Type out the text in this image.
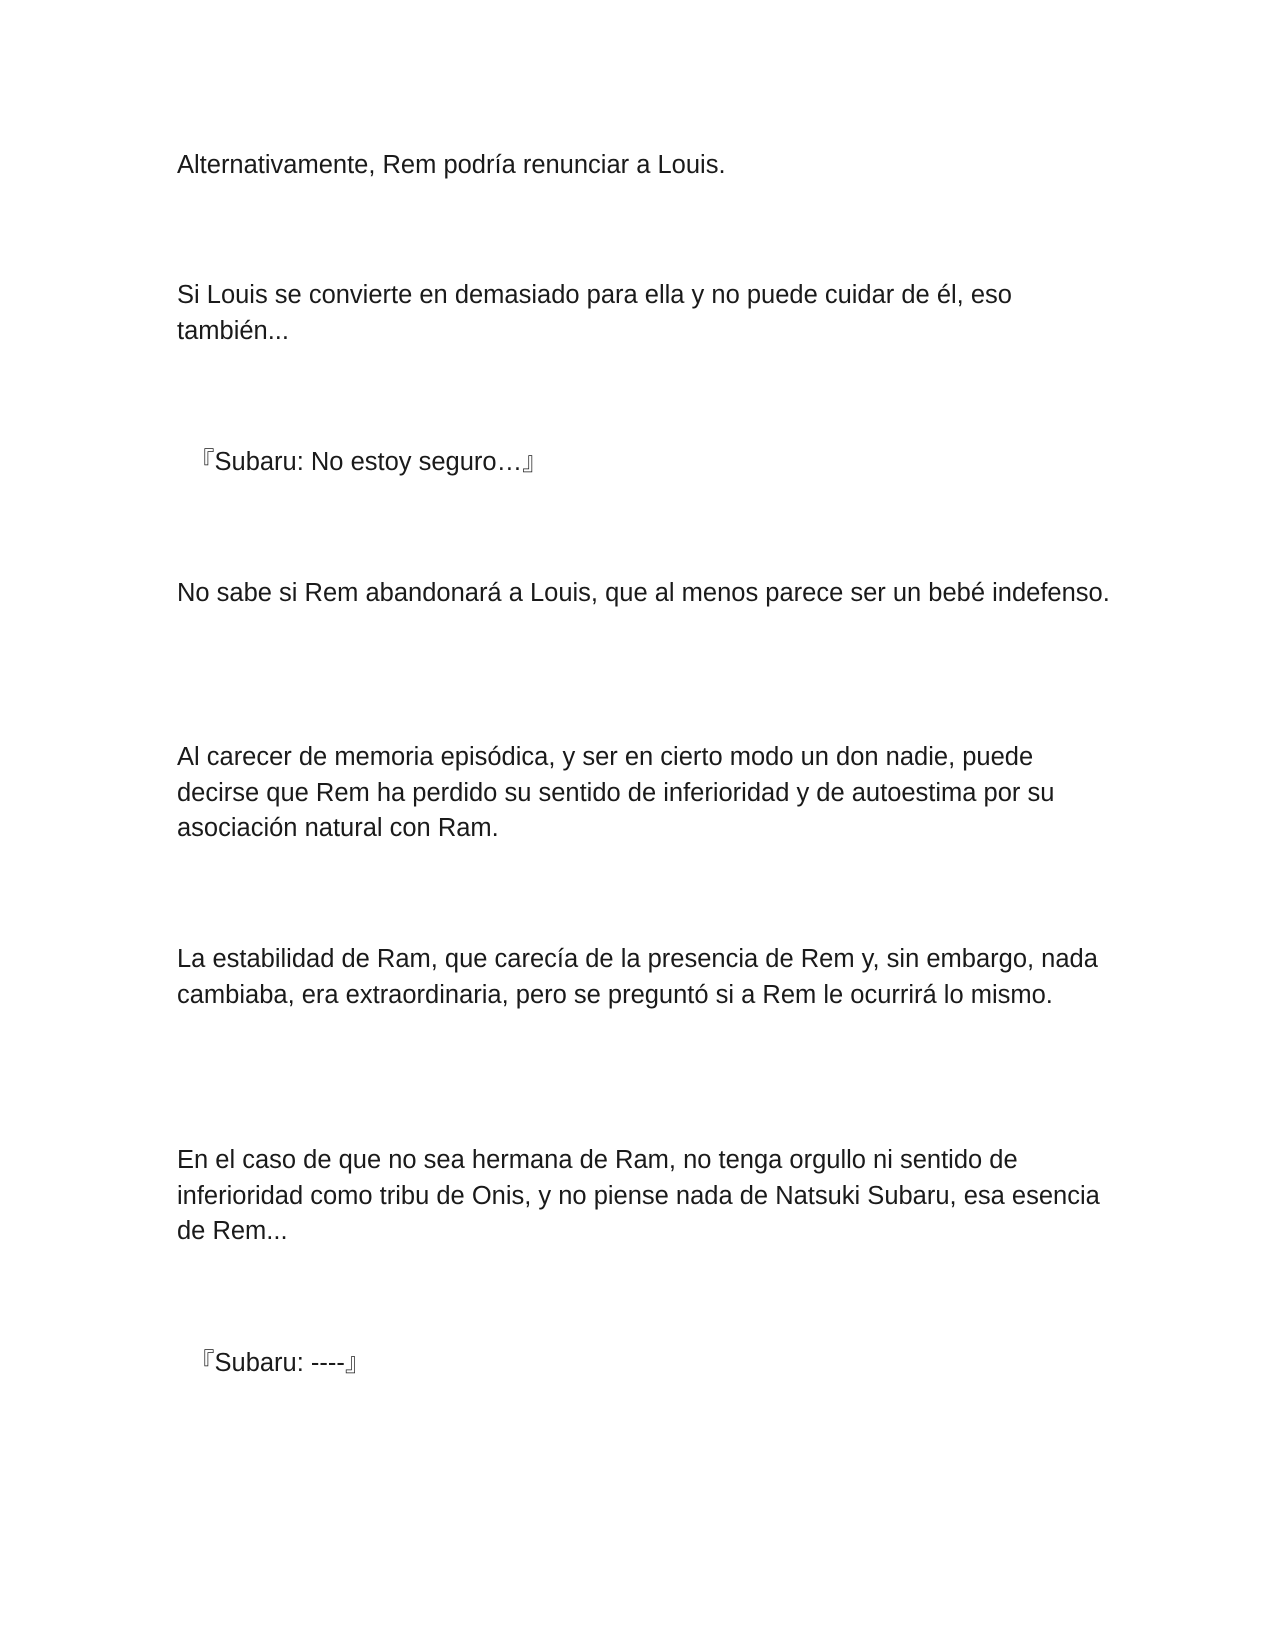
Alternativamente, Rem podría renunciar a Louis.

Si Louis se convierte en demasiado para ella y no puede cuidar de él, eso también...

『Subaru: No estoy seguro…』

No sabe si Rem abandonará a Louis, que al menos parece ser un bebé indefenso.

Al carecer de memoria episódica, y ser en cierto modo un don nadie, puede decirse que Rem ha perdido su sentido de inferioridad y de autoestima por su asociación natural con Ram.

La estabilidad de Ram, que carecía de la presencia de Rem y, sin embargo, nada cambiaba, era extraordinaria, pero se preguntó si a Rem le ocurrirá lo mismo.

En el caso de que no sea hermana de Ram, no tenga orgullo ni sentido de inferioridad como tribu de Onis, y no piense nada de Natsuki Subaru, esa esencia de Rem...

『Subaru: ----』
